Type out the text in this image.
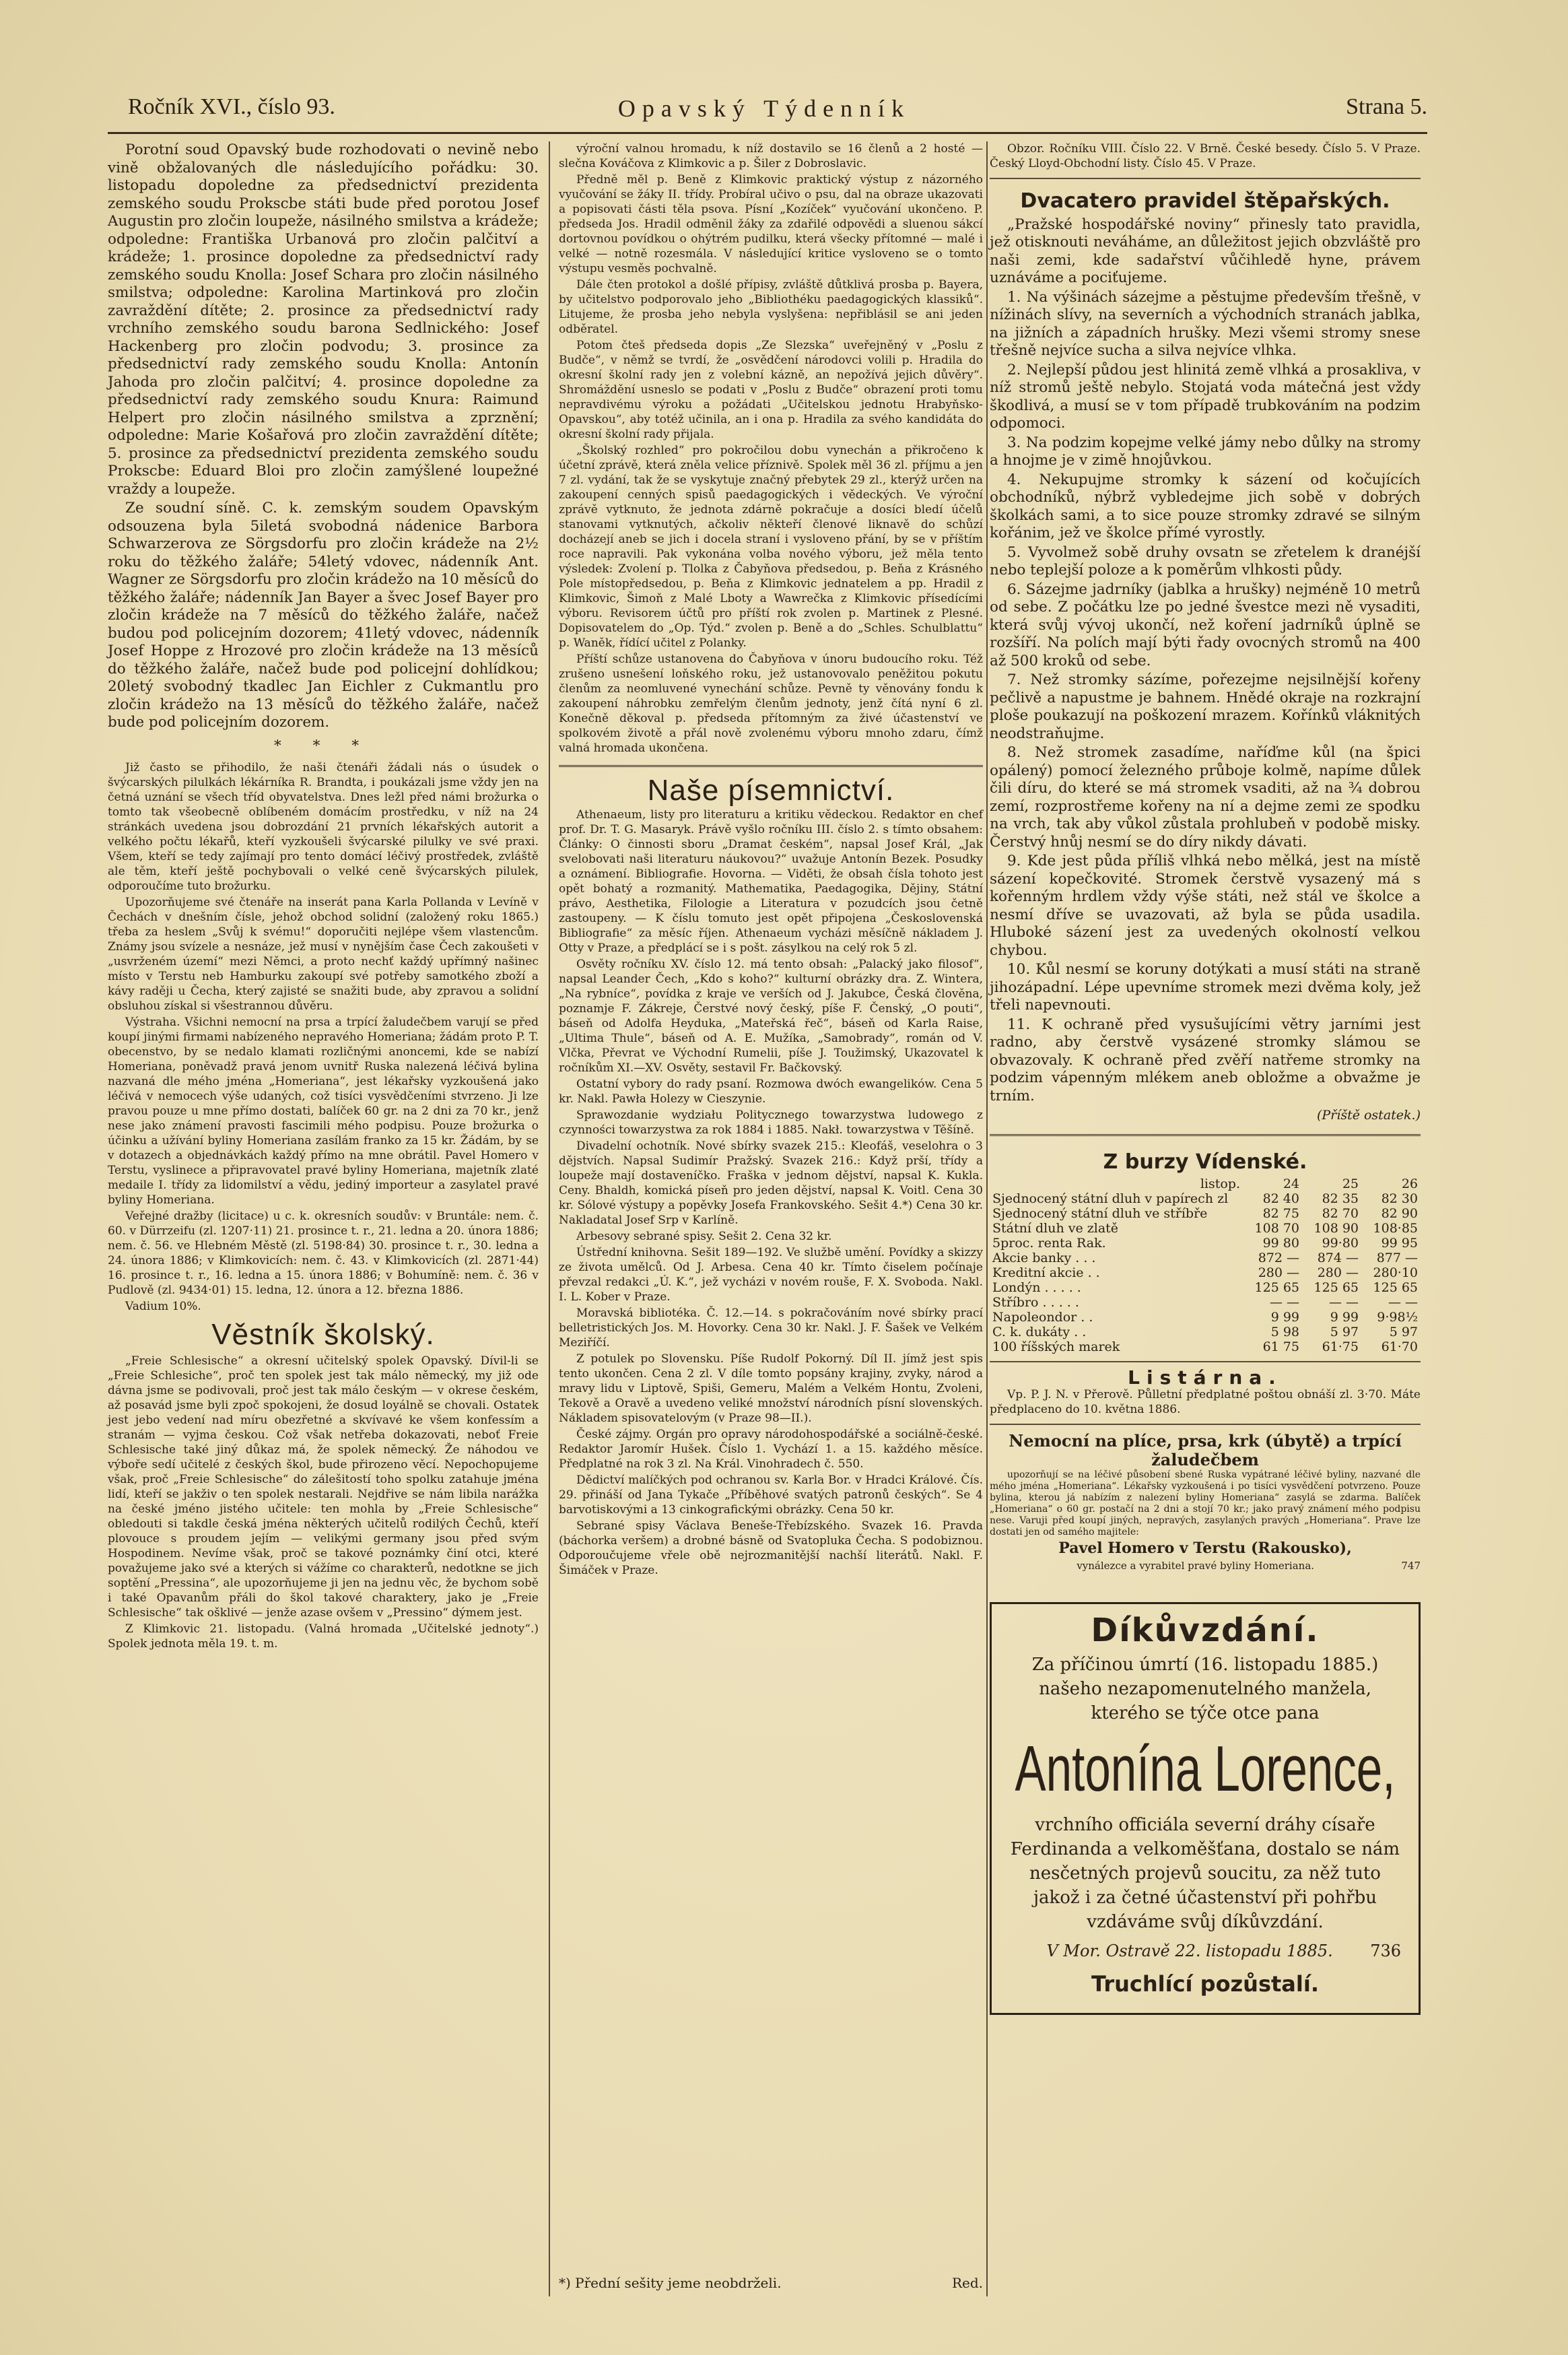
Ročník XVI., číslo 93.	Opavský Týdenník	Strana 5.

Porotní soud Opavský bude rozhodovati o nevině nebo vině obžalovaných dle následujícího pořádku: 30. listopadu dopoledne za předsednictví prezidenta zemského soudu Prokscbe státi bude před porotou Josef Augustin pro zločin loupeže, násilného smilstva a krádeže; odpoledne: Františka Urbanová pro zločin palčitví a krádeže; 1. prosince dopoledne za předsednictví rady zemského soudu Knolla: Josef Schara pro zločin násilného smilstva; odpoledne: Karolina Martinková pro zločin zavraždění dítěte; 2. prosince za předsednictví rady vrchního zemského soudu barona Sedlnického: Josef Hackenberg pro zločin podvodu; 3. prosince za předsednictví rady zemského soudu Knolla: Antonín Jahoda pro zločin palčitví; 4. prosince dopoledne za předsednictví rady zemského soudu Knura: Raimund Helpert pro zločin násilného smilstva a zprznění; odpoledne: Marie Košařová pro zločin zavraždění dítěte; 5. prosince za předsednictví prezidenta zemského soudu Prokscbe: Eduard Bloi pro zločin zamýšlené loupežné vraždy a loupeže.

Ze soudní síně. C. k. zemským soudem Opavským odsouzena byla 5iletá svobodná nádenice Barbora Schwarzerova ze Sörgsdorfu pro zločin krádeže na 2½ roku do těžkého žaláře; 54letý vdovec, nádenník Ant. Wagner ze Sörgsdorfu pro zločin krádežo na 10 měsíců do těžkého žaláře; nádenník Jan Bayer a švec Josef Bayer pro zločin krádeže na 7 měsíců do těžkého žaláře, načež budou pod policejním dozorem; 41letý vdovec, nádenník Josef Hoppe z Hrozové pro zločin krádeže na 13 měsíců do těžkého žaláře, načež bude pod policejní dohlídkou; 20letý svobodný tkadlec Jan Eichler z Cukmantlu pro zločin krádežo na 13 měsíců do těžkého žaláře, načež bude pod policejním dozorem.

* * *

Již často se přihodilo, že naši čtenáři žádali nás o úsudek o švýcarských pilulkách lékárníka R. Brandta, i poukázali jsme vždy jen na četná uznání se všech tříd obyvatelstva. Dnes ležl před námi brožurka o tomto tak všeobecně oblíbeném domácím prostředku, v níž na 24 stránkách uvedena jsou dobrozdání 21 prvních lékařských autorit a velkého počtu lékařů, kteří vyzkoušeli švýcarské pilulky ve své praxi. Všem, kteří se tedy zajímají pro tento domácí léčivý prostředek, zvláště ale těm, kteří ještě pochybovali o velké ceně švýcarských pilulek, odporoučíme tuto brožurku.

Upozorňujeme své čtenáře na inserát pana Karla Pollanda v Levíně v Čechách v dnešním čísle, jehož obchod solidní (založený roku 1865.) třeba za heslem „Svůj k svému!“ doporučiti nejlépe všem vlastencům. Známy jsou svízele a nesnáze, jež musí v nynějším čase Čech zakoušeti v „usvrženém území“ mezi Němci, a proto nechť každý upřímný našinec místo v Terstu neb Hamburku zakoupí své potřeby samotkého zboží a kávy raději u Čecha, který zajisté se snažiti bude, aby zpravou a solidní obsluhou získal si všestrannou důvěru.

Výstraha. Všichni nemocní na prsa a trpící žaludečbem varují se před koupí jinými firmami nabízeného nepravého Homeriana; žádám proto P. T. obecenstvo, by se nedalo klamati rozličnými anoncemi, kde se nabízí Homeriana, poněvadž pravá jenom uvnitř Ruska nalezená léčivá bylina nazvaná dle mého jména „Homeriana“, jest lékařsky vyzkoušená jako léčivá v nemocech výše udaných, což tisíci vysvědčeními stvrzeno. Ji lze pravou pouze u mne přímo dostati, balíček 60 gr. na 2 dni za 70 kr., jenž nese jako známení pravosti fascimili mého podpisu. Pouze brožurka o účinku a užívání byliny Homeriana zasílám franko za 15 kr. Žádám, by se v dotazech a objednávkách každý přímo na mne obrátil. Pavel Homero v Terstu, vyslinece a připravovatel pravé byliny Homeriana, majetník zlaté medaile I. třídy za lidomilství a vědu, jediný importeur a zasylatel pravé byliny Homeriana.

Veřejné dražby (licitace) u c. k. okresních soudův: v Bruntále: nem. č. 60. v Dürrzeifu (zl. 1207·11) 21. prosince t. r., 21. ledna a 20. února 1886; nem. č. 56. ve Hlebném Městě (zl. 5198·84) 30. prosince t. r., 30. ledna a 24. února 1886; v Klimkovicích: nem. č. 43. v Klimkovicích (zl. 2871·44) 16. prosince t. r., 16. ledna a 15. února 1886; v Bohumíně: nem. č. 36 v Pudlově (zl. 9434·01) 15. ledna, 12. února a 12. března 1886.

Vadium 10%.

Věstník školský.

„Freie Schlesische“ a okresní učitelský spolek Opavský. Dívil-li se „Freie Schlesiche“, proč ten spolek jest tak málo německý, my již ode dávna jsme se podivovali, proč jest tak málo českým — v okrese českém, až posavád jsme byli zpoč spokojeni, že dosud loyálně se chovali. Ostatek jest jebo vedení nad míru obezřetné a skvívavé ke všem konfessím a stranám — vyjma českou. Což však netřeba dokazovati, neboť Freie Schlesische také jiný důkaz má, že spolek německý. Že náhodou ve výboře sedí učitelé z českých škol, bude přirozeno věcí. Nepochopujeme však, proč „Freie Schlesische“ do zálešitostí toho spolku zatahuje jména lidí, kteří se jakživ o ten spolek nestarali. Nejdřive se nám libila narážka na české jméno jistého učitele: ten mohla by „Freie Schlesische“ obledouti si takdle česká jména některých učitelů rodilých Čechů, kteří plovouce s proudem jejím — velikými germany jsou před svým Hospodinem. Nevíme však, proč se takové poznámky činí otci, které považujeme jako své a kterých si vážíme co charakterů, nedotkne se jich soptění „Pressina“, ale upozorňujeme ji jen na jednu věc, že bychom sobě i také Opavanům přáli do škol takové charaktery, jako je „Freie Schlesische“ tak ošklivé — jenže azase ovšem v „Pressino“ dýmem jest.

Z Klimkovic 21. listopadu. (Valná hromada „Učitelské jednoty“.) Spolek jednota měla 19. t. m.

výroční valnou hromadu, k níž dostavilo se 16 členů a 2 hosté — slečna Kováčova z Klimkovic a p. Šiler z Dobroslavic.

Předně měl p. Beně z Klimkovic praktický výstup z názorného vyučování se žáky II. třídy. Probíral učivo o psu, dal na obraze ukazovati a popisovati části těla psova. Písní „Kozíček“ vyučování ukončeno. P. předseda Jos. Hradil odměnil žáky za zdařilé odpovědi a sluenou sákcí dortovnou povídkou o ohýtrém pudilku, která všecky přítomné — malé i velké — notně rozesmála. V následující kritice vysloveno se o tomto výstupu vesměs pochvalně.

Dále čten protokol a došlé přípisy, zvláště důtklivá prosba p. Bayera, by učitelstvo podporovalo jeho „Bibliothéku paedagogických klassiků“. Litujeme, že prosba jeho nebyla vyslyšena: nepřiblásil se ani jeden odběratel.

Potom čteš předseda dopis „Ze Slezska“ uveřejněný v „Poslu z Budče“, v němž se tvrdí, že „osvědčení národovci volili p. Hradila do okresní školní rady jen z volební kázně, an nepožívá jejich důvěry“. Shromáždění usneslo se podati v „Poslu z Budče“ obrazení proti tomu nepravdivému výroku a požádati „Učitelskou jednotu Hrabyňsko-Opavskou“, aby totéž učinila, an i ona p. Hradila za svého kandidáta do okresní školní rady přijala.

„Školský rozhled“ pro pokročilou dobu vynechán a přikročeno k účetní zprávě, která zněla velice příznivě. Spolek měl 36 zl. příjmu a jen 7 zl. vydání, tak že se vyskytuje značný přebytek 29 zl., kterýž určen na zakoupení cenných spisů paedagogických i vědeckých. Ve výroční zprávě vytknuto, že jednota zdárně pokračuje a dosíci bledí účelů stanovami vytknutých, ačkoliv někteří členové liknavě do schůzí docházejí aneb se jich i docela straní i vysloveno přání, by se v příštím roce napravili. Pak vykonána volba nového výboru, jež měla tento výsledek: Zvolení p. Tlolka z Čabyňova předsedou, p. Beňa z Krásného Pole místopředsedou, p. Beňa z Klimkovic jednatelem a pp. Hradil z Klimkovic, Šimoň z Malé Lboty a Wawrečka z Klimkovic přísedícími výboru. Revisorem účtů pro příští rok zvolen p. Martinek z Plesné. Dopisovatelem do „Op. Týd.“ zvolen p. Beně a do „Schles. Schulblattu“ p. Waněk, řídící učitel z Polanky.

Příští schůze ustanovena do Čabyňova v únoru budoucího roku. Též zrušeno usnešení loňského roku, jež ustanovovalo peněžitou pokutu členům za neomluvené vynechání schůze. Pevně ty věnovány fondu k zakoupení náhrobku zemřelým členům jednoty, jenž čítá nyní 6 zl. Konečně děkoval p. předseda přítomným za živé účastenství ve spolkovém životě a přál nově zvolenému výboru mnoho zdaru, čímž valná hromada ukončena.

Naše písemnictví.

Athenaeum, listy pro literaturu a kritiku vědeckou. Redaktor en chef prof. Dr. T. G. Masaryk. Právě vyšlo ročníku III. číslo 2. s tímto obsahem: Články: O činnosti sboru „Dramat českém“, napsal Josef Král, „Jak svelobovati naši literaturu náukovou?“ uvažuje Antonín Bezek. Posudky a oznámení. Bibliografie. Hovorna. — Viděti, že obsah čísla tohoto jest opět bohatý a rozmanitý. Mathematika, Paedagogika, Dějiny, Státní právo, Aesthetika, Filologie a Literatura v pozudcích jsou četně zastoupeny. — K číslu tomuto jest opět připojena „Československá Bibliografie“ za měsíc říjen. Athenaeum vycházi měsíčně nákladem J. Otty v Praze, a předplácí se i s pošt. zásylkou na celý rok 5 zl.

Osvěty ročníku XV. číslo 12. má tento obsah: „Palacký jako filosof“, napsal Leander Čech, „Kdo s koho?“ kulturní obrázky dra. Z. Wintera, „Na rybníce“, povídka z kraje ve verších od J. Jakubce, Česká člověna, poznamje F. Zákreje, Čerstvé nový český, píše F. Čenský, „O pouti“, báseň od Adolfa Heyduka, „Mateřská řeč“, báseň od Karla Raise, „Ultima Thule“, báseň od A. E. Mužíka, „Samobrady“, román od V. Vlčka, Převrat ve Východní Rumelii, píše J. Toužimský, Ukazovatel k ročníkům XI.—XV. Osvěty, sestavil Fr. Bačkovský.

Ostatní vybory do rady psaní. Rozmowa dwóch ewangelików. Cena 5 kr. Nakl. Pawła Holezy w Cieszynie.

Sprawozdanie wydziału Politycznego towarzystwa ludowego z czynności towarzystwa za rok 1884 i 1885. Nakł. towarzystwa v Těšíně.

Divadelní ochotník. Nové sbírky svazek 215.: Kleofáš, veselohra o 3 dějstvích. Napsal Sudimír Pražský. Svazek 216.: Když prší, třídy a loupeže mají dostaveníčko. Fraška v jednom dějství, napsal K. Kukla. Ceny. Bhaldh, komická píseň pro jeden dějství, napsal K. Voitl. Cena 30 kr. Sólové výstupy a popěvky Josefa Frankovského. Sešit 4.*) Cena 30 kr. Nakladatal Josef Srp v Karlíně.

Arbesovy sebrané spisy. Sešit 2. Cena 32 kr.

Ústřední knihovna. Sešit 189—192. Ve službě umění. Povídky a skizzy ze života umělců. Od J. Arbesa. Cena 40 kr. Tímto čiselem počínaje převzal redakci „Ú. K.“, jež vycházi v novém rouše, F. X. Svoboda. Nakl. I. L. Kober v Praze.

Moravská bibliotéka. Č. 12.—14. s pokračováním nové sbírky prací belletristických Jos. M. Hovorky. Cena 30 kr. Nakl. J. F. Šašek ve Velkém Meziříčí.

Z potulek po Slovensku. Píše Rudolf Pokorný. Díl II. jímž jest spis tento ukončen. Cena 2 zl. V díle tomto popsány krajiny, zvyky, národ a mravy lidu v Liptově, Spiši, Gemeru, Malém a Velkém Hontu, Zvoleni, Tekově a Oravě a uvedeno veliké množství národních písní slovenských. Nákladem spisovatelovým (v Praze 98—II.).

České zájmy. Orgán pro opravy národohospodářské a sociálně-české. Redaktor Jaromír Hušek. Číslo 1. Vychází 1. a 15. každého měsíce. Předplatné na rok 3 zl. Na Král. Vinohradech č. 550.

Dědictví malíčkých pod ochranou sv. Karla Bor. v Hradci Králové. Čís. 29. přináší od Jana Tykače „Příběhové svatých patronů českých“. Se 4 barvotiskovými a 13 cinkografickými obrázky. Cena 50 kr.

Sebrané spisy Václava Beneše-Třebízského. Svazek 16. Pravda (báchorka veršem) a drobné básně od Svatopluka Čecha. S podobiznou. Odporoučujeme vřele obě nejrozmanitější nachší literátů. Nakl. F. Šimáček v Praze.

Obzor. Ročníku VIII. Číslo 22. V Brně. České besedy. Číslo 5. V Praze. Český Lloyd-Obchodní listy. Číslo 45. V Praze.

Dvacatero pravidel štěpařských.

„Pražské hospodářské noviny“ přinesly tato pravidla, jež otisknouti neváháme, an důležitost jejich obzvláště pro naši zemi, kde sadařství vůčihledě hyne, právem uznáváme a pociťujeme.

1. Na výšinách sázejme a pěstujme především třešně, v nížinách slívy, na severních a východních stranách jablka, na jižních a západních hrušky. Mezi všemi stromy snese třešně nejvíce sucha a silva nejvíce vlhka.

2. Nejlepší půdou jest hlinitá země vlhká a prosakliva, v níž stromů ještě nebylo. Stojatá voda mátečná jest vždy škodlivá, a musí se v tom případě trubkováním na podzim odpomoci.

3. Na podzim kopejme velké jámy nebo důlky na stromy a hnojme je v zimě hnojůvkou.

4. Nekupujme stromky k sázení od kočujících obchodníků, nýbrž vybledejme jich sobě v dobrých školkách sami, a to sice pouze stromky zdravé se silným kořánim, jež ve školce přímé vyrostly.

5. Vyvolmež sobě druhy ovsatn se zřetelem k dranéjší nebo teplejší poloze a k poměrům vlhkosti půdy.

6. Sázejme jadrníky (jablka a hrušky) nejméně 10 metrů od sebe. Z počátku lze po jedné švestce mezi ně vysaditi, která svůj vývoj ukončí, než koření jadrníků úplně se rozšíří. Na polích mají býti řady ovocných stromů na 400 až 500 kroků od sebe.

7. Než stromky sázíme, pořezejme nejsilnější kořeny pečlivě a napustme je bahnem. Hnědé okraje na rozkrajní ploše poukazují na poškození mrazem. Kořínků vláknitých neodstraňujme.

8. Než stromek zasadíme, naříďme kůl (na špici opálený) pomocí železného průboje kolmě, napíme důlek čili díru, do které se má stromek vsaditi, až na ¾ dobrou zemí, rozprostřeme kořeny na ní a dejme zemi ze spodku na vrch, tak aby vůkol zůstala prohlubeň v podobě misky. Čerstvý hnůj nesmí se do díry nikdy dávati.

9. Kde jest půda příliš vlhká nebo mělká, jest na místě sázení kopečkovité. Stromek čerstvě vysazený má s kořenným hrdlem vždy výše státi, než stál ve školce a nesmí dříve se uvazovati, až byla se půda usadila. Hluboké sázení jest za uvedených okolností velkou chybou.

10. Kůl nesmí se koruny dotýkati a musí státi na straně jihozápadní. Lépe upevníme stromek mezi dvěma koly, jež třeli napevnouti.

11. K ochraně před vysušujícími větry jarními jest radno, aby čerstvě vysázené stromky slámou se obvazovaly. K ochraně před zvěří natřeme stromky na podzim vápenným mlékem aneb obložme a obvažme je trním.

(Příště ostatek.)
Z burzy Vídenské.
listop.	24	25	26
Sjednocený státní dluh v papírech zl	82 40	82 35	82 30
Sjednocený státní dluh ve stříbře	82 75	82 70	82 90
Státní dluh ve zlatě	108 70	108 90	108·85
5proc. renta Rak.	99 80	99·80	99 95
Akcie banky . . .	872 —	874 —	877 —
Kreditní akcie . .	280 —	280 —	280·10
Londýn . . . . .	125 65	125 65	125 65
Stříbro . . . . .	— —	— —	— —
Napoleondor . .	9 99	9 99	9·98½
C. k. dukáty . .	5 98	5 97	5 97
100 říšských marek	61 75	61·75	61·70
Listárna.

Vp. P. J. N. v Přerově. Půlletní předplatné poštou obnáší zl. 3·70. Máte předplaceno do 10. května 1886.

Nemocní na plíce, prsa, krk (úbytě) a trpící žaludečbem

upozorňují se na léčivé působení sbené Ruska vypátrané léčivé byliny, nazvané dle mého jména „Homeriana“. Lékařsky vyzkoušená i po tisíci vysvědčení potvrzeno. Pouze bylina, kterou já nabízím z nalezení byliny Homeriana“ zasylá se zdarma. Balíček „Homeriana“ o 60 gr. postačí na 2 dni a stojí 70 kr.; jako pravý známení mého podpisu nese. Varuji před koupí jiných, nepravých, zasylaných pravých „Homeriana“. Prave lze dostati jen od samého majitele:

Pavel Homero v Terstu (Rakousko),
vynálezce a vyrabitel pravé byliny Homeriana.	747
Díkůvzdání.
Za příčinou úmrtí (16. listopadu 1885.) našeho nezapomenutelného manžela, kterého se týče otce pana
Antonína Lorence,
vrchního officiála severní dráhy císaře Ferdinanda a velkoměšťana, dostalo se nám nesčetných projevů soucitu, za něž tuto jakož i za četné účastenství při pohřbu vzdáváme svůj díkůvzdání.
V Mor. Ostravě 22. listopadu 1885. 736
Truchlící pozůstalí.
*) Přední sešity jeme neobdrželi.	Red.
